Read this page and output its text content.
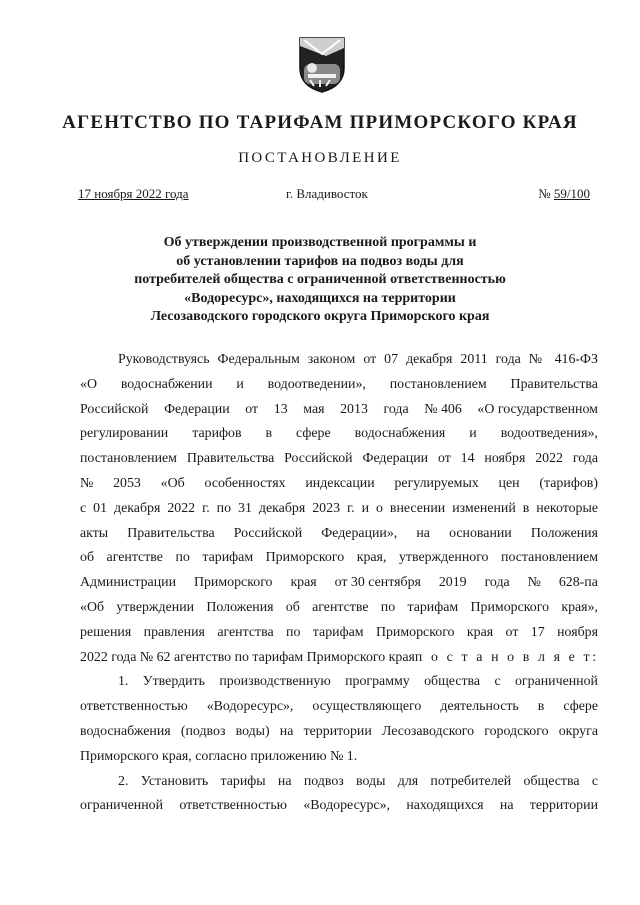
АГЕНТСТВО ПО ТАРИФАМ ПРИМОРСКОГО КРАЯ
ПОСТАНОВЛЕНИЕ
17 ноября 2022 года	г. Владивосток	№ 59/100
Об утверждении производственной программы и
об установлении тарифов на подвоз воды для
потребителей общества с ограниченной ответственностью
«Водоресурс», находящихся на территории
Лесозаводского городского округа Приморского края
Руководствуясь Федеральным законом от 07 декабря 2011 года № 416-ФЗ
«О водоснабжении и водоотведении», постановлением Правительства
Российской Федерации от 13 мая 2013 года № 406 «О государственном
регулировании тарифов в сфере водоснабжения и водоотведения»,
постановлением Правительства Российской Федерации от 14 ноября 2022 года
№ 2053 «Об особенностях индексации регулируемых цен (тарифов)
с 01 декабря 2022 г. по 31 декабря 2023 г. и о внесении изменений в некоторые
акты Правительства Российской Федерации», на основании Положения
об агентстве по тарифам Приморского края, утвержденного постановлением
Администрации Приморского края от 30 сентября 2019 года № 628-па
«Об утверждении Положения об агентстве по тарифам Приморского края»,
решения правления агентства по тарифам Приморского края от 17 ноября
2022 года № 62 агентство по тарифам Приморского края п о с т а н о в л я е т:
1. Утвердить производственную программу общества с ограниченной
ответственностью «Водоресурс», осуществляющего деятельность в сфере
водоснабжения (подвоз воды) на территории Лесозаводского городского округа
Приморского края, согласно приложению № 1.
2. Установить тарифы на подвоз воды для потребителей общества с
ограниченной ответственностью «Водоресурс», находящихся на территории
